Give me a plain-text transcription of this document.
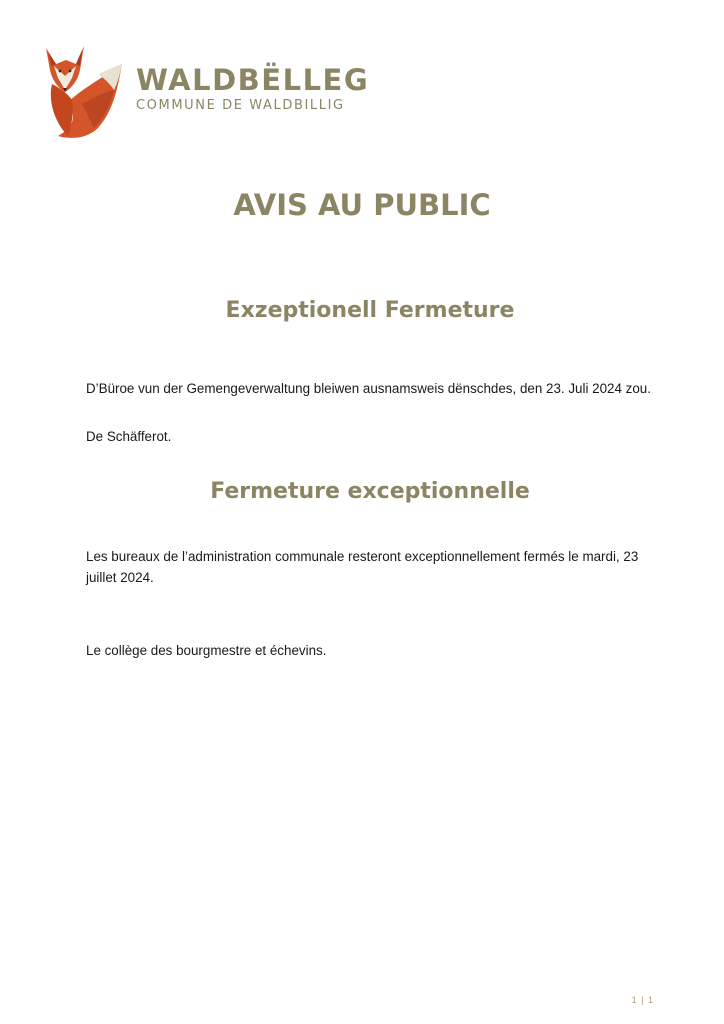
WALDBËLLEG
COMMUNE DE WALDBILLIG
AVIS AU PUBLIC
Exzeptionell Fermeture

D’Büroe vun der Gemengeverwaltung bleiwen ausnamsweis dënschdes, den 23. Juli 2024 zou.

De Schäfferot.

Fermeture exceptionnelle

Les bureaux de l’administration communale resteront exceptionnellement fermés le mardi, 23 juillet 2024.

Le collège des bourgmestre et échevins.

1 | 1
